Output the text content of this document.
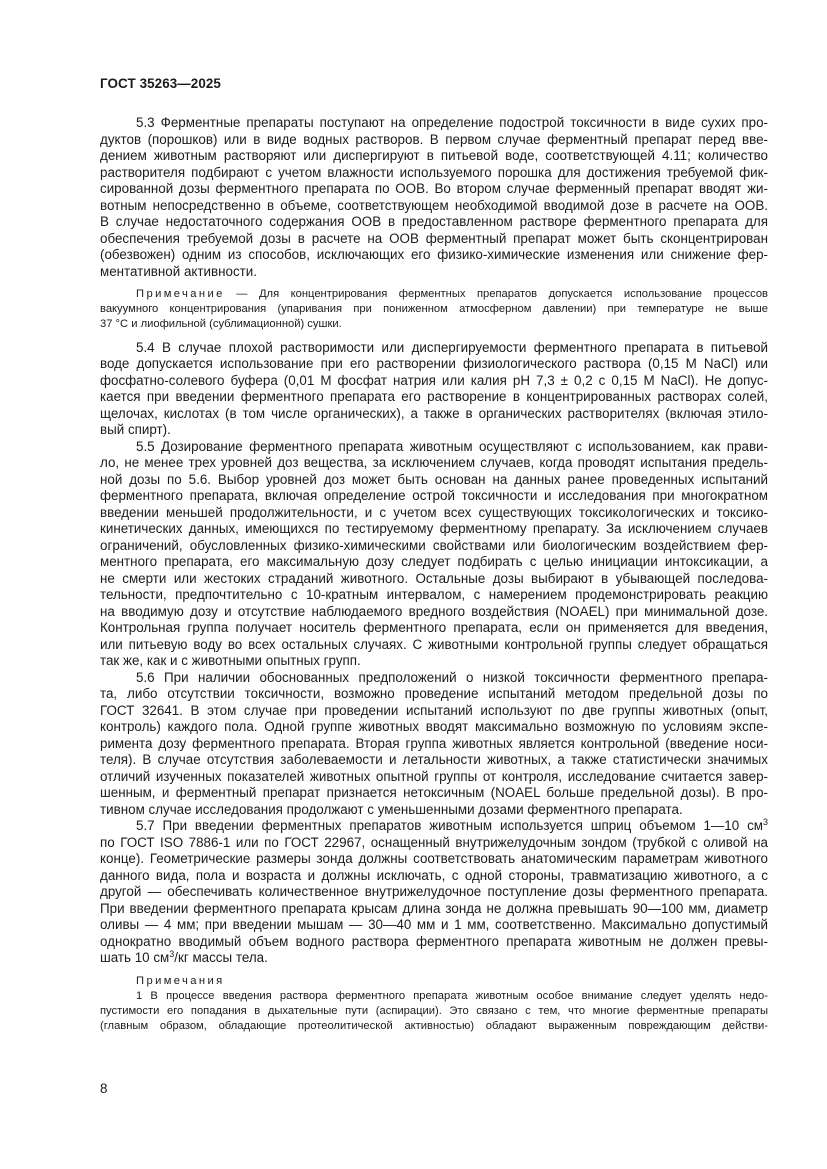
ГОСТ 35263—2025
5.3 Ферментные препараты поступают на определение подострой токсичности в виде сухих про-
дуктов (порошков) или в виде водных растворов. В первом случае ферментный препарат перед вве-
дением животным растворяют или диспергируют в питьевой воде, соответствующей 4.11; количество
растворителя подбирают с учетом влажности используемого порошка для достижения требуемой фик-
сированной дозы ферментного препарата по ООВ. Во втором случае ферменный препарат вводят жи-
вотным непосредственно в объеме, соответствующем необходимой вводимой дозе в расчете на ООВ.
В случае недостаточного содержания ООВ в предоставленном растворе ферментного препарата для
обеспечения требуемой дозы в расчете на ООВ ферментный препарат может быть сконцентрирован
(обезвожен) одним из способов, исключающих его физико-химические изменения или снижение фер-
ментативной активности.
Примечание — Для концентрирования ферментных препаратов допускается использование процессов
вакуумного концентрирования (упаривания при пониженном атмосферном давлении) при температуре не выше
37 °С и лиофильной (сублимационной) сушки.
5.4 В случае плохой растворимости или диспергируемости ферментного препарата в питьевой
воде допускается использование при его растворении физиологического раствора (0,15 М NaCl) или
фосфатно-солевого буфера (0,01 М фосфат натрия или калия рН 7,3 ± 0,2 с 0,15 М NaCl). Не допус-
кается при введении ферментного препарата его растворение в концентрированных растворах солей,
щелочах, кислотах (в том числе органических), а также в органических растворителях (включая этило-
вый спирт).
5.5 Дозирование ферментного препарата животным осуществляют с использованием, как прави-
ло, не менее трех уровней доз вещества, за исключением случаев, когда проводят испытания предель-
ной дозы по 5.6. Выбор уровней доз может быть основан на данных ранее проведенных испытаний
ферментного препарата, включая определение острой токсичности и исследования при многократном
введении меньшей продолжительности, и с учетом всех существующих токсикологических и токсико-
кинетических данных, имеющихся по тестируемому ферментному препарату. За исключением случаев
ограничений, обусловленных физико-химическими свойствами или биологическим воздействием фер-
ментного препарата, его максимальную дозу следует подбирать с целью инициации интоксикации, а
не смерти или жестоких страданий животного. Остальные дозы выбирают в убывающей последова-
тельности, предпочтительно с 10-кратным интервалом, с намерением продемонстрировать реакцию
на вводимую дозу и отсутствие наблюдаемого вредного воздействия (NOAEL) при минимальной дозе.
Контрольная группа получает носитель ферментного препарата, если он применяется для введения,
или питьевую воду во всех остальных случаях. С животными контрольной группы следует обращаться
так же, как и с животными опытных групп.
5.6 При наличии обоснованных предположений о низкой токсичности ферментного препара-
та, либо отсутствии токсичности, возможно проведение испытаний методом предельной дозы по
ГОСТ 32641. В этом случае при проведении испытаний используют по две группы животных (опыт,
контроль) каждого пола. Одной группе животных вводят максимально возможную по условиям экспе-
римента дозу ферментного препарата. Вторая группа животных является контрольной (введение носи-
теля). В случае отсутствия заболеваемости и летальности животных, а также статистически значимых
отличий изученных показателей животных опытной группы от контроля, исследование считается завер-
шенным, и ферментный препарат признается нетоксичным (NOAEL больше предельной дозы). В про-
тивном случае исследования продолжают с уменьшенными дозами ферментного препарата.
5.7 При введении ферментных препаратов животным используется шприц объемом 1—10 $см^3$
по ГОСТ ISO 7886-1 или по ГОСТ 22967, оснащенный внутрижелудочным зондом (трубкой с оливой на
конце). Геометрические размеры зонда должны соответствовать анатомическим параметрам животного
данного вида, пола и возраста и должны исключать, с одной стороны, травматизацию животного, а с
другой — обеспечивать количественное внутрижелудочное поступление дозы ферментного препарата.
При введении ферментного препарата крысам длина зонда не должна превышать 90—100 мм, диаметр
оливы — 4 мм; при введении мышам — 30—40 мм и 1 мм, соответственно. Максимально допустимый
однократно вводимый объем водного раствора ферментного препарата животным не должен превы-
шать 10 $см^3/кг$ массы тела.
Примечания
1 В процессе введения раствора ферментного препарата животным особое внимание следует уделять недо-
пустимости его попадания в дыхательные пути (аспирации). Это связано с тем, что многие ферментные препараты
(главным образом, обладающие протеолитической активностью) обладают выраженным повреждающим действи-
8
